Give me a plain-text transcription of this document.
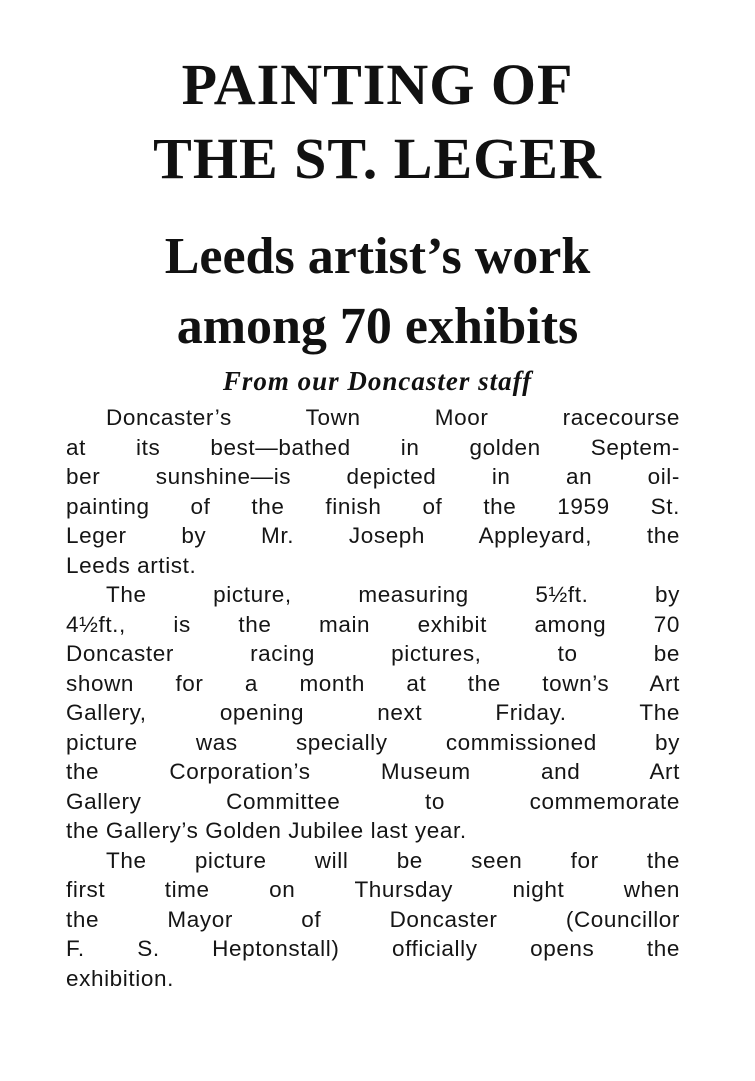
PAINTING OF
THE ST. LEGER
Leeds artist’s work
among 70 exhibits
From our Doncaster staff

Doncaster’s Town Moor racecourse
at its best—bathed in golden Septem-
ber sunshine—is depicted in an oil-
painting of the finish of the 1959 St.
Leger by Mr. Joseph Appleyard, the
Leeds artist.

The picture, measuring 5½ft. by
4½ft., is the main exhibit among 70
Doncaster racing pictures, to be
shown for a month at the town’s Art
Gallery, opening next Friday. The
picture was specially commissioned by
the Corporation’s Museum and Art
Gallery Committee to commemorate
the Gallery’s Golden Jubilee last year.

The picture will be seen for the
first time on Thursday night when
the Mayor of Doncaster (Councillor
F. S. Heptonstall) officially opens the
exhibition.
